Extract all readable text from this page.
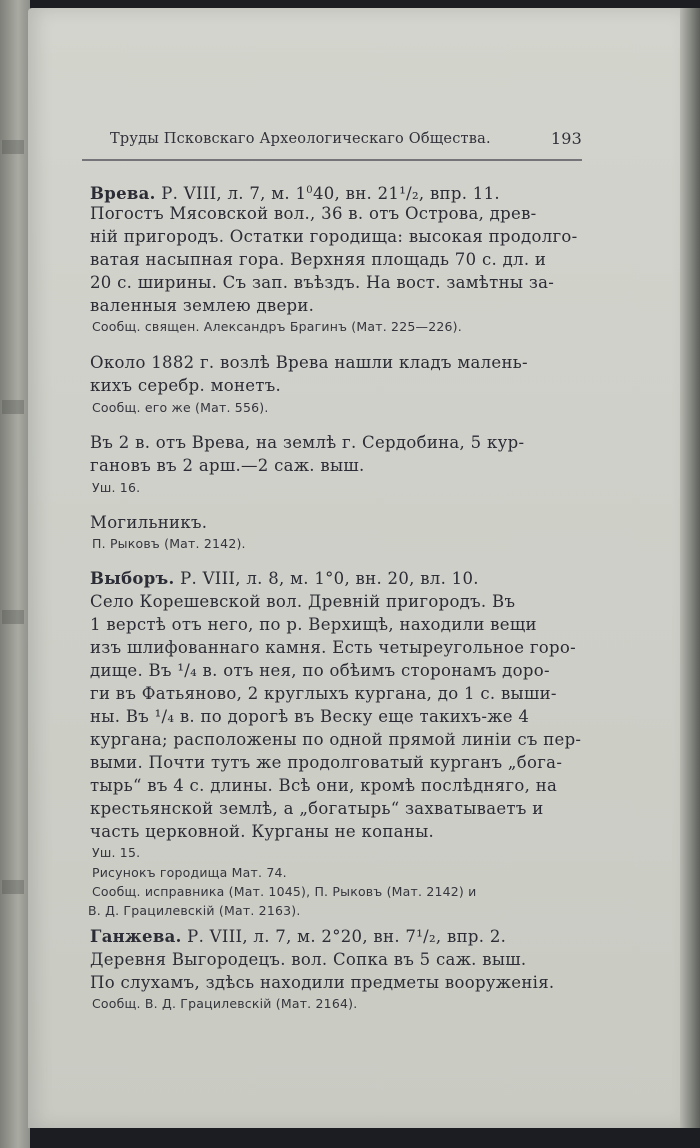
Труды Псковскаго Археологическаго Общества.	193
Врева. Р. VIII, л. 7, м. $1^040$, вн. 21¹/₂, впр. 11.
Погостъ Мясовской вол., 36 в. отъ Острова, древ-
нiй пригородъ. Остатки городища: высокая продолго-
ватая насыпная гора. Верхняя площадь 70 с. дл. и
20 с. ширины. Съ зап. въѣздъ. На вост. замѣтны за-
валенныя землею двери.
Сообщ. священ. Александръ Брагинъ (Мат. 225—226).
Около 1882 г. возлѣ Врева нашли кладъ малень-
кихъ серебр. монетъ.
Сообщ. его же (Мат. 556).
Въ 2 в. отъ Врева, на землѣ г. Сердобина, 5 кур-
гановъ въ 2 арш.—2 саж. выш.
Уш. 16.
Могильникъ.
П. Рыковъ (Мат. 2142).
Выборъ. Р. VIII, л. 8, м. 1°0, вн. 20, вл. 10.
Село Корешевской вол. Древнiй пригородъ. Въ
1 верстѣ отъ него, по р. Верхищѣ, находили вещи
изъ шлифованнаго камня. Есть четыреугольное горо-
дище. Въ ¹/₄ в. отъ нея, по обѣимъ сторонамъ доро-
ги въ Фатьяново, 2 круглыхъ кургана, до 1 с. выши-
ны. Въ ¹/₄ в. по дорогѣ въ Веску еще такихъ-же 4
кургана; расположены по одной прямой линiи съ пер-
выми. Почти тутъ же продолговатый курганъ „бога-
тырь“ въ 4 с. длины. Всѣ они, кромѣ послѣдняго, на
крестьянской землѣ, а „богатырь“ захватываетъ и
часть церковной. Курганы не копаны.
Уш. 15.
Рисунокъ городища Мат. 74.
Сообщ. исправника (Мат. 1045), П. Рыковъ (Мат. 2142) и
В. Д. Грацилевскiй (Мат. 2163).
Ганжева. Р. VIII, л. 7, м. 2°20, вн. 7¹/₂, впр. 2.
Деревня Выгородецъ. вол. Сопка въ 5 саж. выш.
По слухамъ, здѣсь находили предметы вооруженiя.
Сообщ. В. Д. Грацилевскiй (Мат. 2164).
